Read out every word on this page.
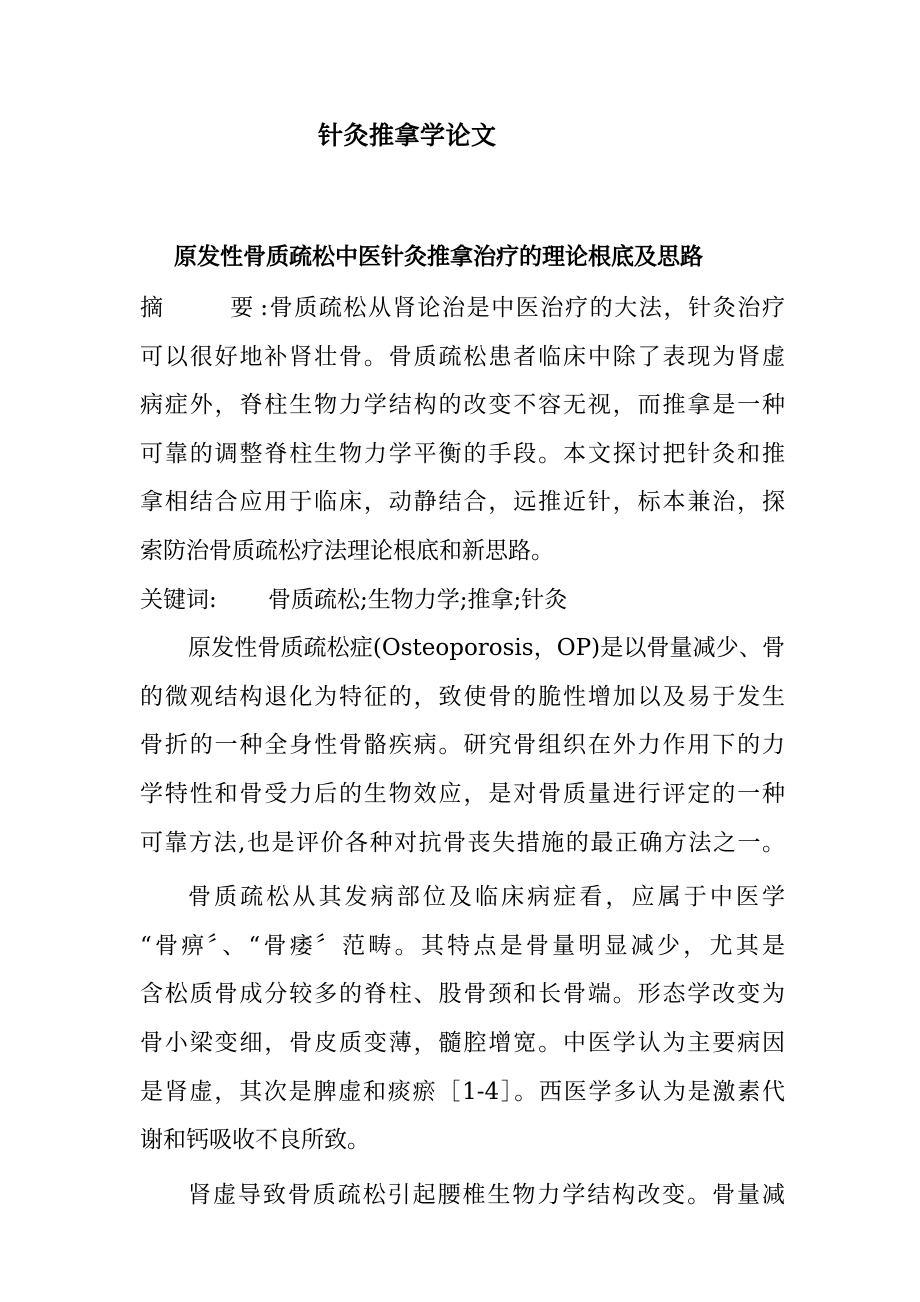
针灸推拿学论文
原发性骨质疏松中医针灸推拿治疗的理论根底及思路
摘　　要:骨质疏松从肾论治是中医治疗的大法，针灸治疗
可以很好地补肾壮骨。骨质疏松患者临床中除了表现为肾虚
病症外，脊柱生物力学结构的改变不容无视，而推拿是一种
可靠的调整脊柱生物力学平衡的手段。本文探讨把针灸和推
拿相结合应用于临床，动静结合，远推近针，标本兼治，探
索防治骨质疏松疗法理论根底和新思路。
关键词: 骨质疏松;生物力学;推拿;针灸
原发性骨质疏松症(Osteoporosis，OP)是以骨量减少、骨
的微观结构退化为特征的，致使骨的脆性增加以及易于发生
骨折的一种全身性骨骼疾病。研究骨组织在外力作用下的力
学特性和骨受力后的生物效应，是对骨质量进行评定的一种
可靠方法,也是评价各种对抗骨丧失措施的最正确方法之一。
骨质疏松从其发病部位及临床病症看，应属于中医学
“骨痹〞、“骨痿〞范畴。其特点是骨量明显减少，尤其是
含松质骨成分较多的脊柱、股骨颈和长骨端。形态学改变为
骨小梁变细，骨皮质变薄，髓腔增宽。中医学认为主要病因
是肾虚，其次是脾虚和痰瘀［1-4］。西医学多认为是激素代
谢和钙吸收不良所致。
肾虚导致骨质疏松引起腰椎生物力学结构改变。骨量减
